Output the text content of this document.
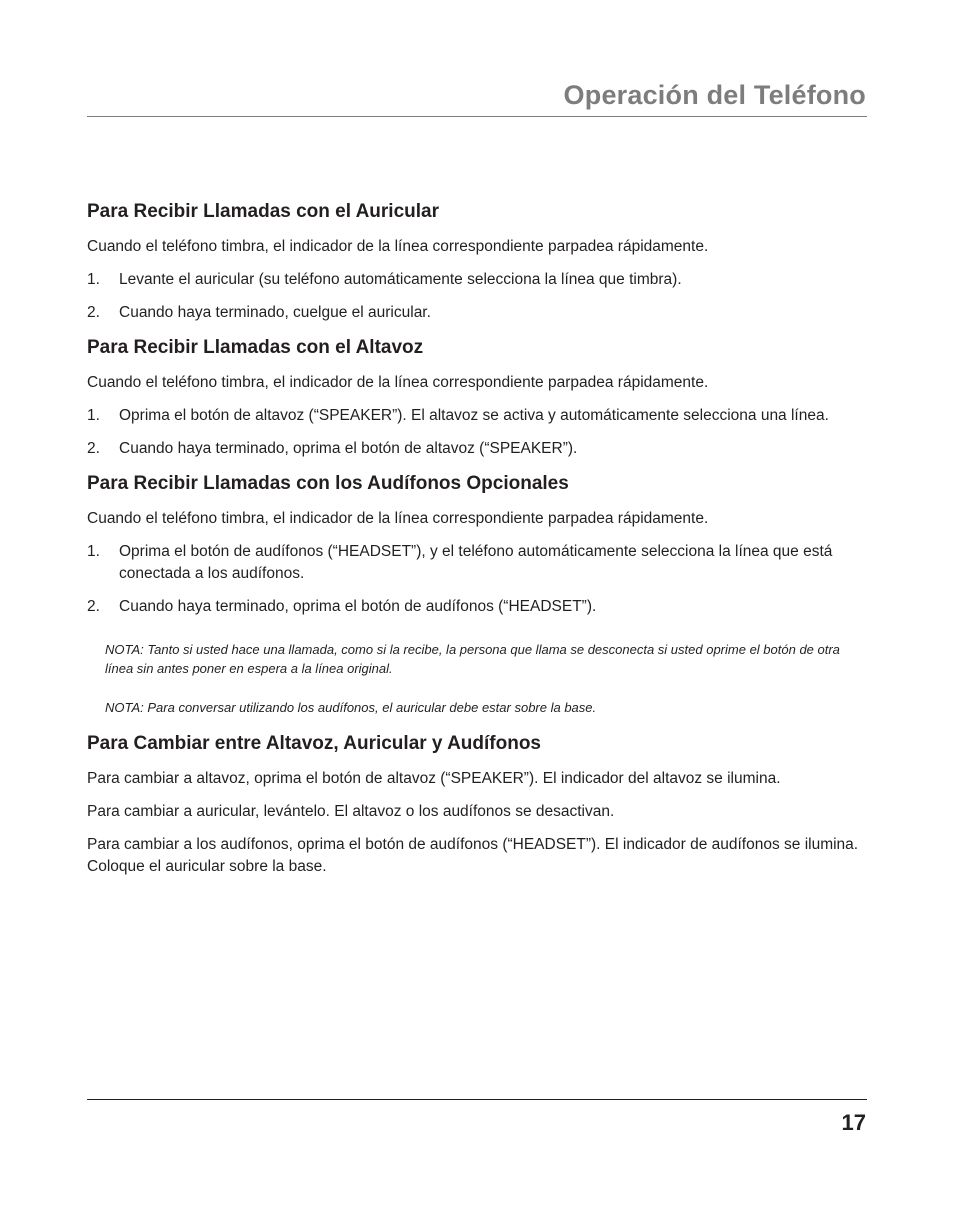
Operación del Teléfono
Para Recibir Llamadas con el Auricular

Cuando el teléfono timbra, el indicador de la línea correspondiente parpadea rápidamente.

1. Levante el auricular (su teléfono automáticamente selecciona la línea que timbra).
2. Cuando haya terminado, cuelgue el auricular.
Para Recibir Llamadas con el Altavoz

Cuando el teléfono timbra, el indicador de la línea correspondiente parpadea rápidamente.

1. Oprima el botón de altavoz (“SPEAKER”). El altavoz se activa y automáticamente selecciona una línea.
2. Cuando haya terminado, oprima el botón de altavoz (“SPEAKER”).
Para Recibir Llamadas con los Audífonos Opcionales

Cuando el teléfono timbra, el indicador de la línea correspondiente parpadea rápidamente.

1. Oprima el botón de audífonos (“HEADSET”), y el teléfono automáticamente selecciona la línea que está conectada a los audífonos.
2. Cuando haya terminado, oprima el botón de audífonos (“HEADSET”).

NOTA: Tanto si usted hace una llamada, como si la recibe, la persona que llama se desconecta si usted oprime el botón de otra línea sin antes poner en espera a la línea original.

NOTA: Para conversar utilizando los audífonos, el auricular debe estar sobre la base.

Para Cambiar entre Altavoz, Auricular y Audífonos

Para cambiar a altavoz, oprima el botón de altavoz (“SPEAKER”). El indicador del altavoz se ilumina.

Para cambiar a auricular, levántelo. El altavoz o los audífonos se desactivan.

Para cambiar a los audífonos, oprima el botón de audífonos (“HEADSET”). El indicador de audífonos se ilumina. Coloque el auricular sobre la base.

17
